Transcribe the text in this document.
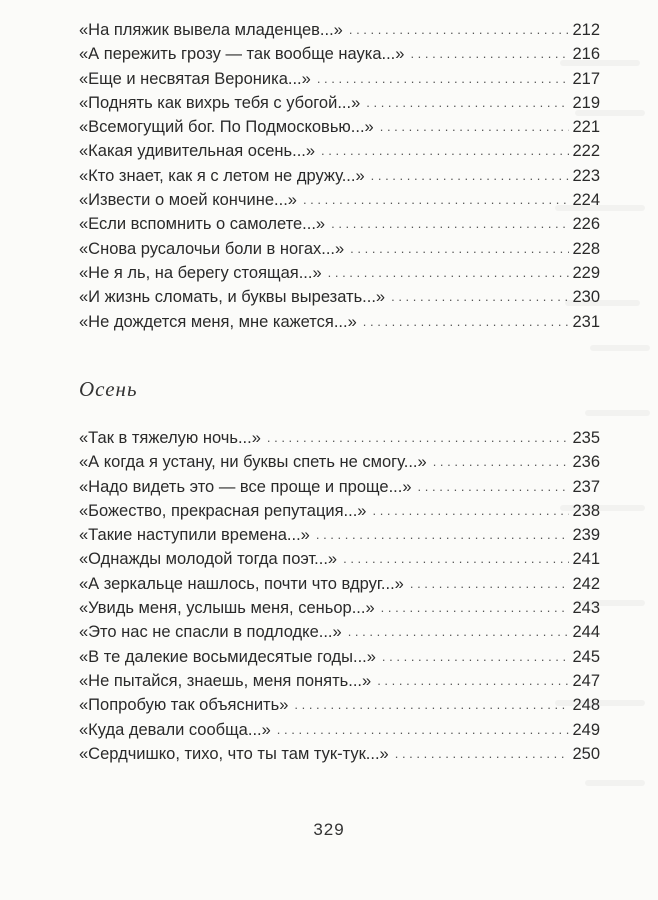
«На пляжик вывела младенцев...» . . .	212
«А пережить грозу — так вообще наука...» . . .	216
«Еще и несвятая Вероника...» . . .	217
«Поднять как вихрь тебя с убогой...» . . .	219
«Всемогущий бог. По Подмосковью...» . . .	221
«Какая удивительная осень...» . . .	222
«Кто знает, как я с летом не дружу...» . . .	223
«Извести о моей кончине...» . . .	224
«Если вспомнить о самолете...» . . .	226
«Снова русалочьи боли в ногах...» . . .	228
«Не я ль, на берегу стоящая...» . . .	229
«И жизнь сломать, и буквы вырезать...» . . .	230
«Не дождется меня, мне кажется...» . . .	231
Осень
«Так в тяжелую ночь...» . . .	235
«А когда я устану, ни буквы спеть не смогу...» . . .	236
«Надо видеть это — все проще и проще...» . . .	237
«Божество, прекрасная репутация...» . . .	238
«Такие наступили времена...» . . .	239
«Однажды молодой тогда поэт...» . . .	241
«А зеркальце нашлось, почти что вдруг...» . . .	242
«Увидь меня, услышь меня, сеньор...» . . .	243
«Это нас не спасли в подлодке...» . . .	244
«В те далекие восьмидесятые годы...» . . .	245
«Не пытайся, знаешь, меня понять...» . . .	247
«Попробую так объяснить» . . .	248
«Куда девали сообща...» . . .	249
«Сердчишко, тихо, что ты там тук-тук...» . . .	250
329
